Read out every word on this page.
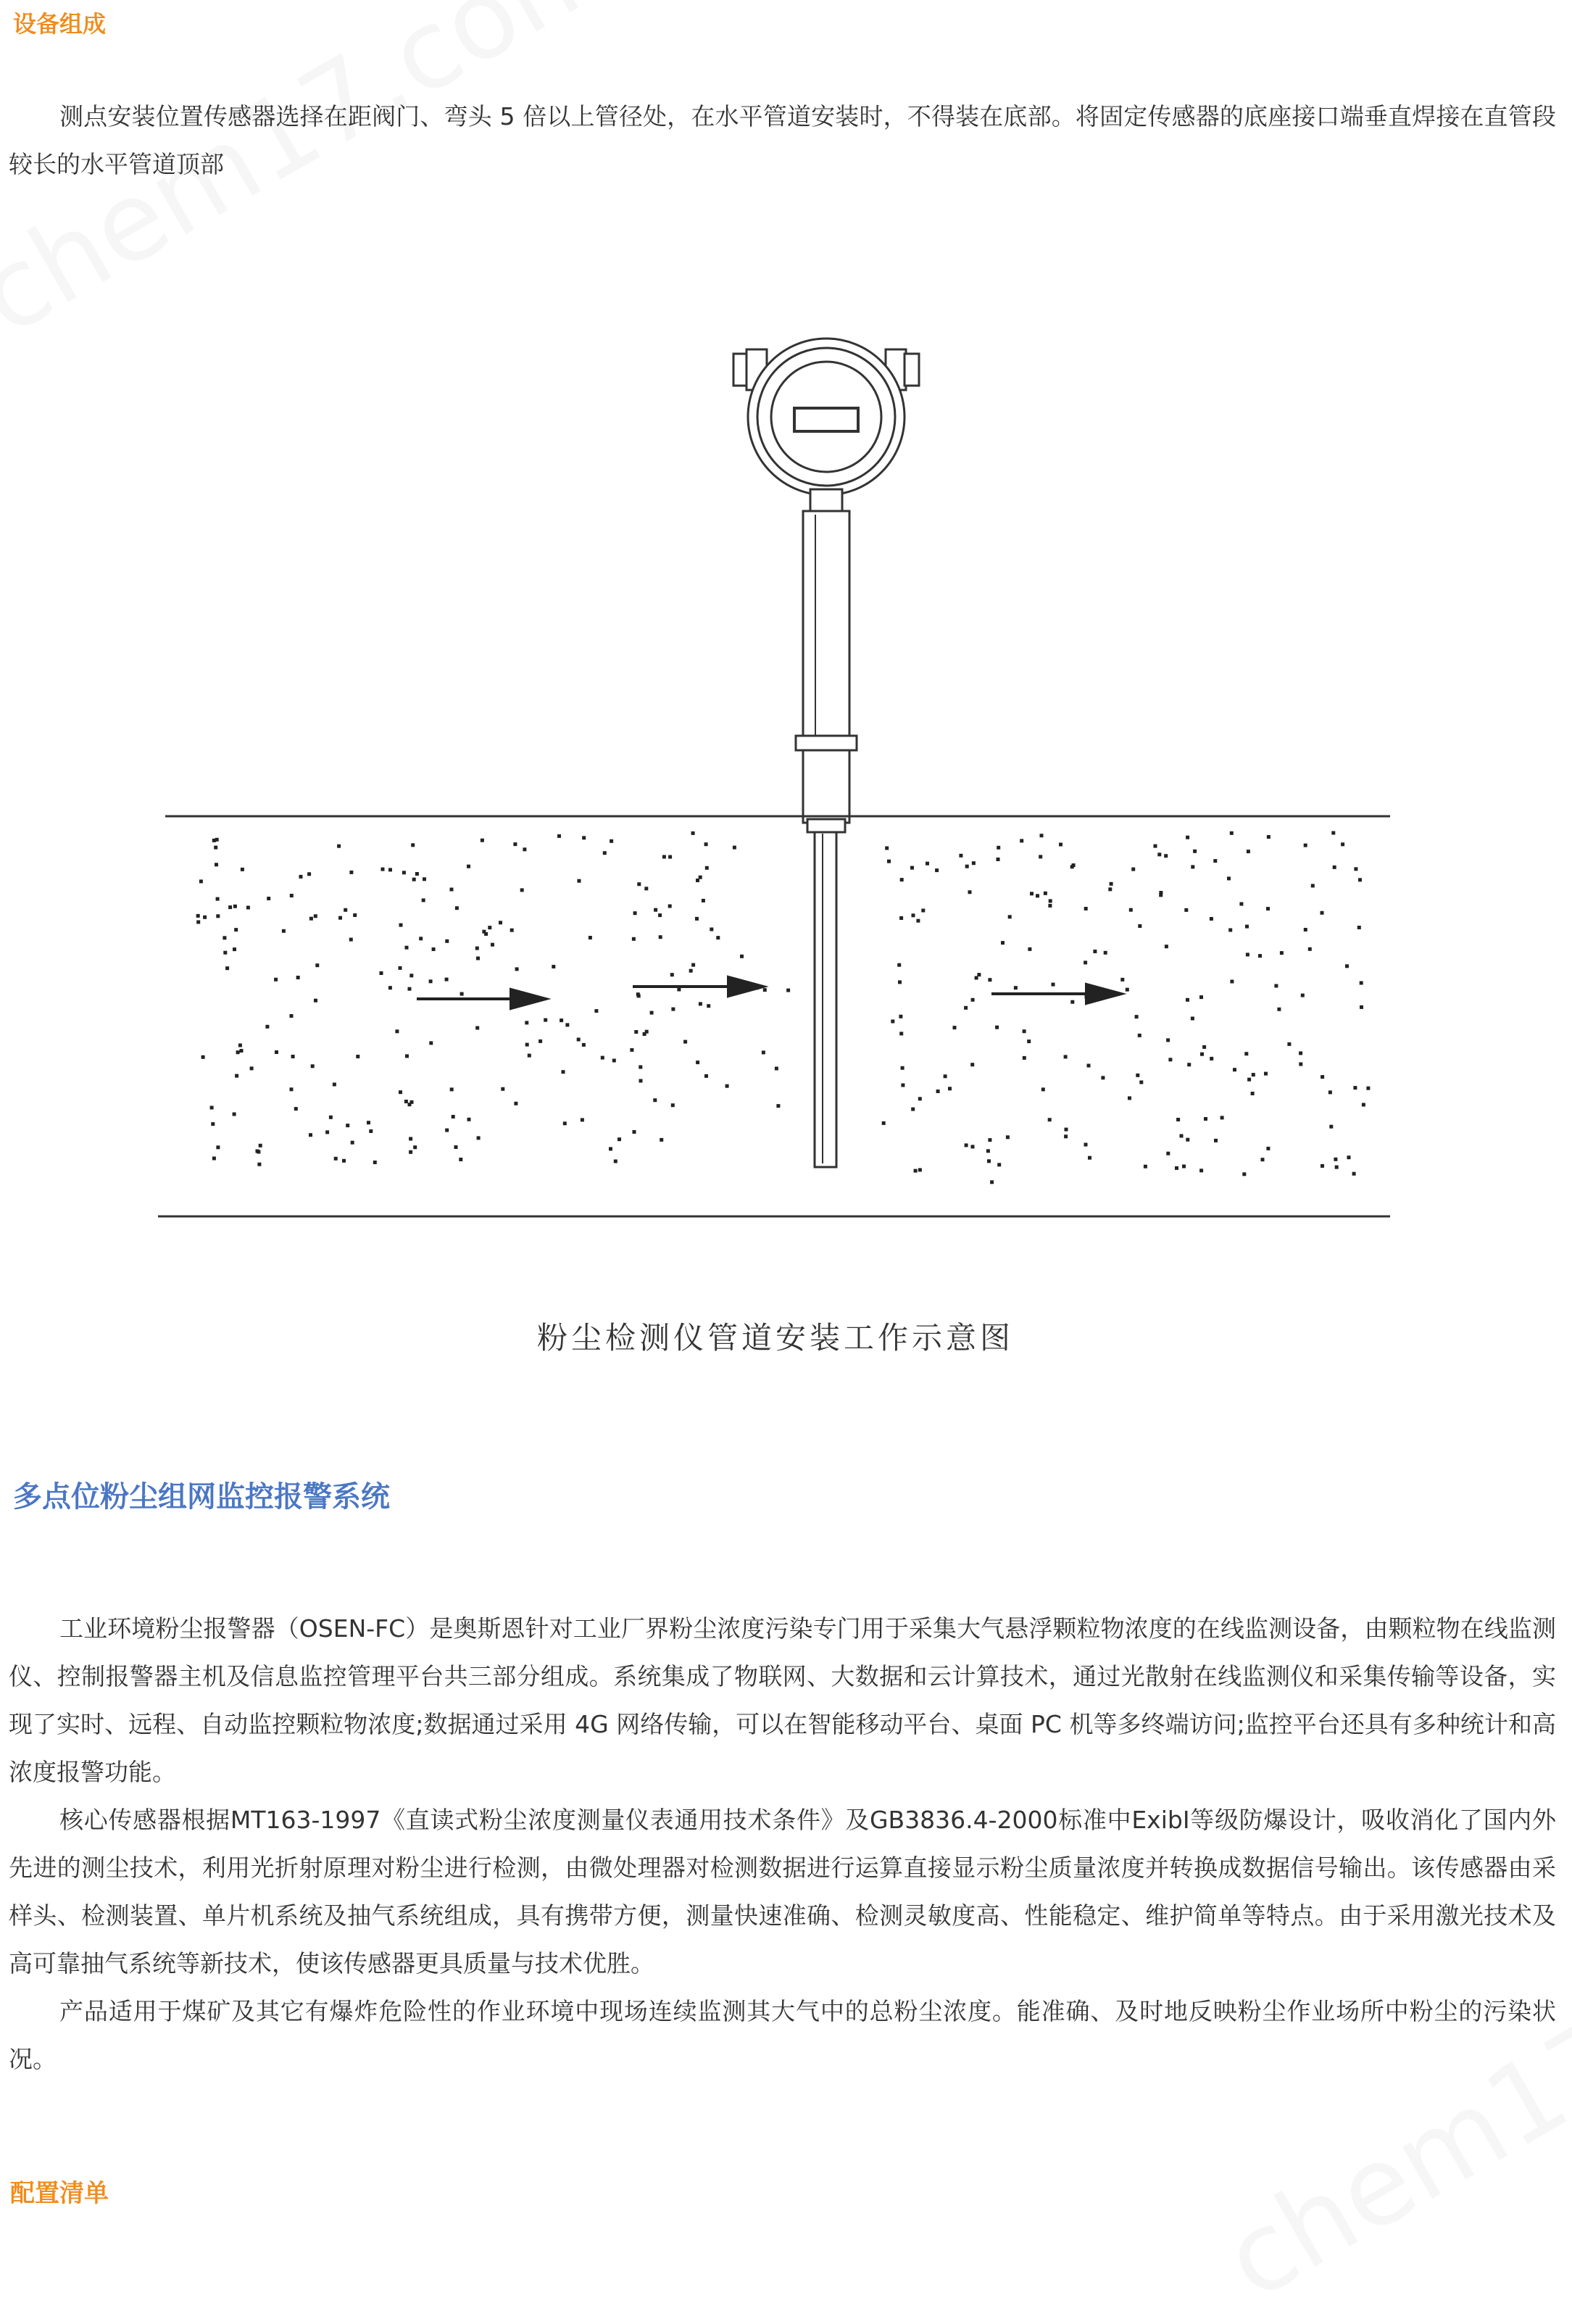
设备组成

测点安装位置传感器选择在距阀门、弯头 5 倍以上管径处，在水平管道安装时，不得装在底部。将固定传感器的底座接口端垂直焊接在直管段较长的水平管道顶部

粉尘检测仪管道安装工作示意图
多点位粉尘组网监控报警系统

工业环境粉尘报警器（OSEN-FC）是奥斯恩针对工业厂界粉尘浓度污染专门用于采集大气悬浮颗粒物浓度的在线监测设备，由颗粒物在线监测仪、控制报警器主机及信息监控管理平台共三部分组成。系统集成了物联网、大数据和云计算技术，通过光散射在线监测仪和采集传输等设备，实现了实时、远程、自动监控颗粒物浓度;数据通过采用 4G 网络传输，可以在智能移动平台、桌面 PC 机等多终端访问;监控平台还具有多种统计和高浓度报警功能。

核心传感器根据MT163-1997《直读式粉尘浓度测量仪表通用技术条件》及GB3836.4-2000标准中ExibI等级防爆设计，吸收消化了国内外先进的测尘技术，利用光折射原理对粉尘进行检测，由微处理器对检测数据进行运算直接显示粉尘质量浓度并转换成数据信号输出。该传感器由采样头、检测装置、单片机系统及抽气系统组成，具有携带方便，测量快速准确、检测灵敏度高、性能稳定、维护简单等特点。由于采用激光技术及高可靠抽气系统等新技术，使该传感器更具质量与技术优胜。

产品适用于煤矿及其它有爆炸危险性的作业环境中现场连续监测其大气中的总粉尘浓度。能准确、及时地反映粉尘作业场所中粉尘的污染状况。

配置清单
